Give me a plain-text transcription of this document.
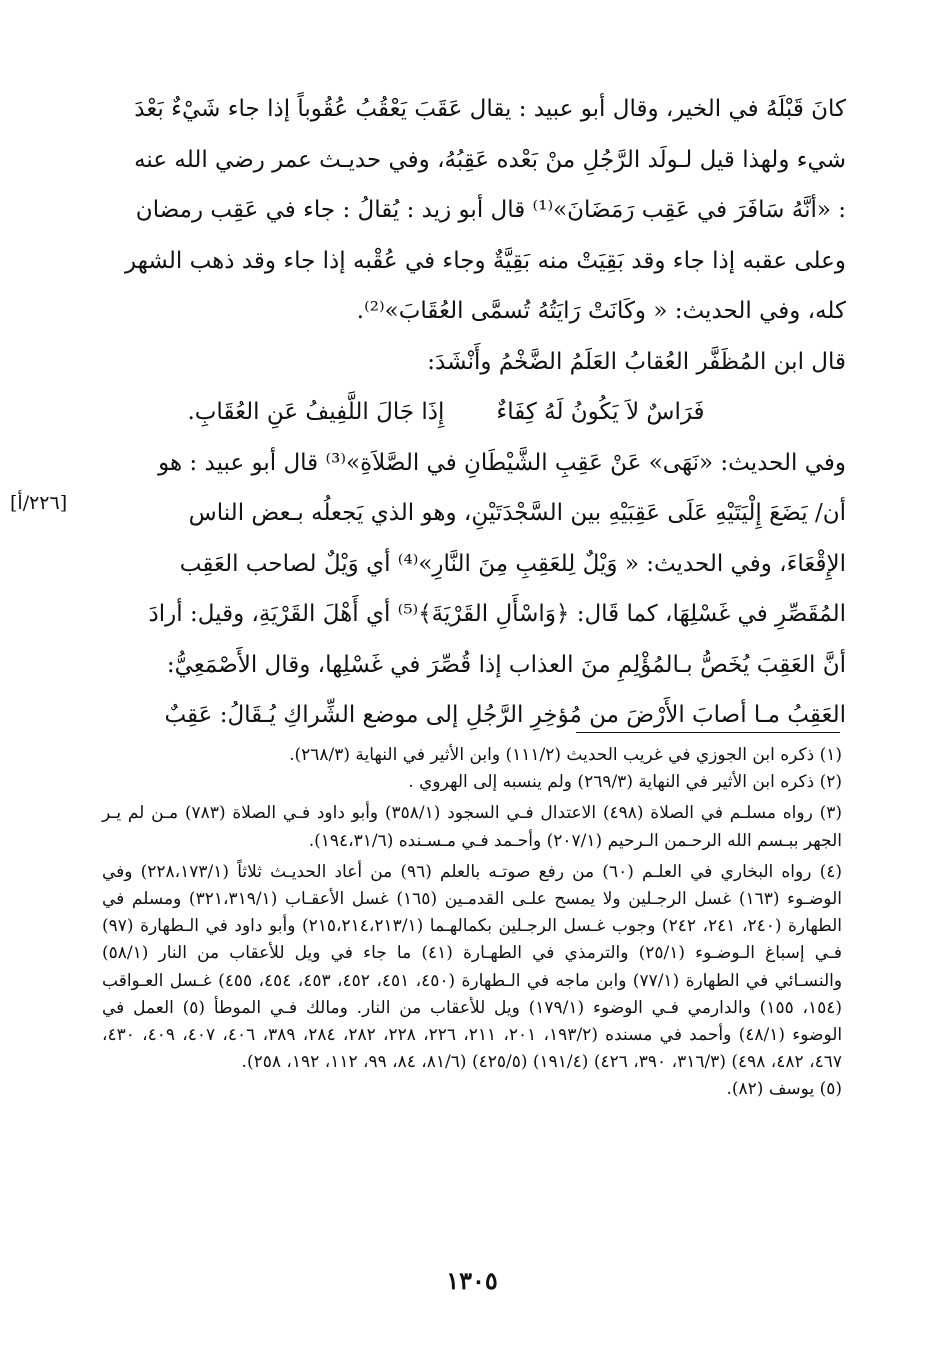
كانَ قَبْلَهُ في الخير، وقال أبو عبيد : يقال عَقَبَ يَعْقُبُ عُقُوباً إذا جاء شَيْءٌ بَعْدَ

شيء ولهذا قيل لـولَد الرَّجُلِ منْ بَعْده عَقِبُهُ، وفي حديـث عمر رضي الله عنه

: «أنَّهُ سَافَرَ في عَقِب رَمَضَانَ»⁽¹⁾ قال أبو زيد : يُقالُ : جاء في عَقِب رمضان

وعلى عقبه إذا جاء وقد بَقِيَتْ منه بَقِيَّةٌ وجاء في عُقْبه إذا جاء وقد ذهب الشهر

كله، وفي الحديث: « وكَانَتْ رَايَتُهُ تُسمَّى العُقَابَ»⁽²⁾.

قال ابن المُظَفَّر العُقابُ العَلَمُ الضَّخْمُ وأَنْشَدَ:

فَرَاسٌ لاَ يَكُونُ لَهُ كِفَاءٌ
إِذَا جَالَ اللَّفِيفُ عَنِ العُقَابِ.

وفي الحديث: «نَهَى» عَنْ عَقِبِ الشَّيْطَانِ في الصَّلاَةِ»⁽³⁾ قال أبو عبيد : هو

أن/ يَضَعَ إِلْيَتَيْهِ عَلَى عَقِبَيْهِ بين السَّجْدَتَيْنِ، وهو الذي يَجعلُه بـعض الناس

الإِقْعَاءَ، وفي الحديث: « وَيْلٌ لِلعَقِبِ مِنَ النَّارِ»⁽⁴⁾ أي وَيْلٌ لصاحب العَقِب

المُقَصِّرِ في غَسْلِهَا، كما قَال: ﴿وَاسْأَلِ القَرْيَةَ﴾⁽⁵⁾ أي أَهْلَ القَرْيَةِ، وقيل: أرادَ

أنَّ العَقِبَ يُخَصُّ بـالمُؤْلِمِ منَ العذاب إذا قُصِّرَ في غَسْلِها، وقال الأَصْمَعِيُّ:

العَقِبُ مـا أصابَ الأَرْضَ من مُؤخِرِ الرَّجُلِ إلى موضع الشِّراكِ يُـقَالُ: عَقِبٌ

[٢٢٦/أ]

(١) ذكره ابن الجوزي في غريب الحديث (١١١/٢) وابن الأثير في النهاية (٢٦٨/٣).

(٢) ذكره ابن الأثير في النهاية (٢٦٩/٣) ولم ينسبه إلى الهروي .

(٣) رواه مسلـم في الصلاة (٤٩٨) الاعتدال فـي السجود (٣٥٨/١) وأبو داود فـي الصلاة (٧٨٣) مـن لم يـر الجهر ببـسم الله الرحـمن الـرحيم (٢٠٧/١) وأحـمد فـي مـسـنده (١٩٤،٣١/٦).

(٤) رواه البخاري في العلـم (٦٠) من رفع صوتـه بالعلم (٩٦) من أعاد الحديـث ثلاثاً (٢٢٨،١٧٣/١) وفي الوضـوء (١٦٣) غسل الرجـلين ولا يمسح علـى القدمـين (١٦٥) غسل الأعقـاب (٣٢١،٣١٩/١) ومسلم في الطهارة (٢٤٠، ٢٤١، ٢٤٢) وجوب غـسل الرجـلين بكمالهـما (٢١٥،٢١٤،٢١٣/١) وأبو داود في الـطهارة (٩٧) فـي إسباغ الـوضـوء (٢٥/١) والترمذي في الطهـارة (٤١) ما جاء في ويل للأعقاب من النار (٥٨/١) والنسـائي في الطهارة (٧٧/١) وابن ماجه في الـطهارة (٤٥٠، ٤٥١، ٤٥٢، ٤٥٣، ٤٥٤، ٤٥٥) غـسل العـواقب (١٥٤، ١٥٥) والدارمي فـي الوضوء (١٧٩/١) ويل للأعقاب من النار. ومالك فـي الموطأ (٥) العمل في الوضوء (٤٨/١) وأحمد في مسنده (١٩٣/٢، ٢٠١، ٢١١، ٢٢٦، ٢٢٨، ٢٨٢، ٢٨٤، ٣٨٩، ٤٠٦، ٤٠٧، ٤٠٩، ٤٣٠، ٤٦٧، ٤٨٢، ٤٩٨) (٣١٦/٣، ٣٩٠، ٤٢٦) (١٩١/٤) (٤٢٥/٥) (٨١/٦، ٨٤، ٩٩، ١١٢، ١٩٢، ٢٥٨).

(٥) يوسف (٨٢).

١٣٠٥
